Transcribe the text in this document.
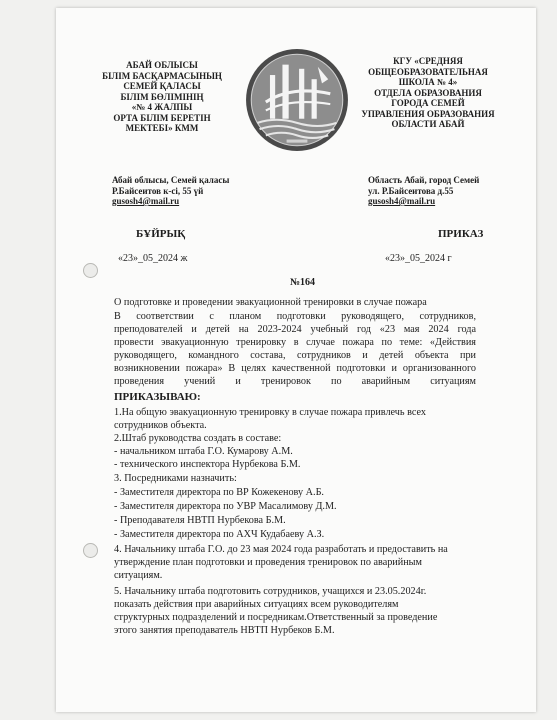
АБАЙ ОБЛЫСЫ
БІЛІМ БАСҚАРМАСЫНЫҢ
СЕМЕЙ ҚАЛАСЫ
БІЛІМ БӨЛІМІНІҢ
«№ 4 ЖАЛПЫ
ОРТА БІЛІМ БЕРЕТІН
МЕКТЕБІ» КММ
КГУ «СРЕДНЯЯ
ОБЩЕОБРАЗОВАТЕЛЬНАЯ
ШКОЛА № 4»
ОТДЕЛА ОБРАЗОВАНИЯ
ГОРОДА СЕМЕЙ
УПРАВЛЕНИЯ ОБРАЗОВАНИЯ
ОБЛАСТИ АБАЙ
Абай облысы, Семей қаласы
Р.Байсеитов к-сі, 55 үй
gusosh4@mail.ru
Область Абай, город Семей
ул. Р.Байсеитова д.55
gusosh4@mail.ru
БҰЙРЫҚ	ПРИКАЗ
«23»_05_2024 ж	«23»_05_2024 г
№164
О подготовке и проведении эвакуационной тренировки в случае пожара
В соответствии с планом подготовки руководящего, сотрудников,
преподователей и детей на 2023-2024 учебный год «23 мая 2024 года
провести эвакуационную тренировку в случае пожара по теме: «Действия
руководящего, командного состава, сотрудников и детей объекта при
возникновении пожара» В целях качественной подготовки и организованного
проведения учений и тренировок по аварийным ситуациям
ПРИКАЗЫВАЮ:
1.На общую эвакуационную тренировку в случае пожара привлечь всех
сотрудников объекта.
2.Штаб руководства создать в составе:
- начальником штаба Г.О. Кумарову А.М.
- технического инспектора Нурбекова Б.М.
3. Посредниками назначить:
- Заместителя директора по ВР Кожекенову А.Б.
- Заместителя директора по УВР Масалимову Д.М.
- Преподавателя НВТП Нурбекова Б.М.
- Заместителя директора по АХЧ Кудабаеву А.З.
4. Начальнику штаба Г.О. до 23 мая 2024 года разработать и предоставить на
утверждение план подготовки и проведения тренировок по аварийным
ситуациям.
5. Начальнику штаба подготовить сотрудников, учащихся и 23.05.2024г.
показать действия при аварийных ситуациях всем руководителям
структурных подразделений и посредникам.Ответственный за проведение
этого занятия преподаватель НВТП Нурбеков Б.М.
